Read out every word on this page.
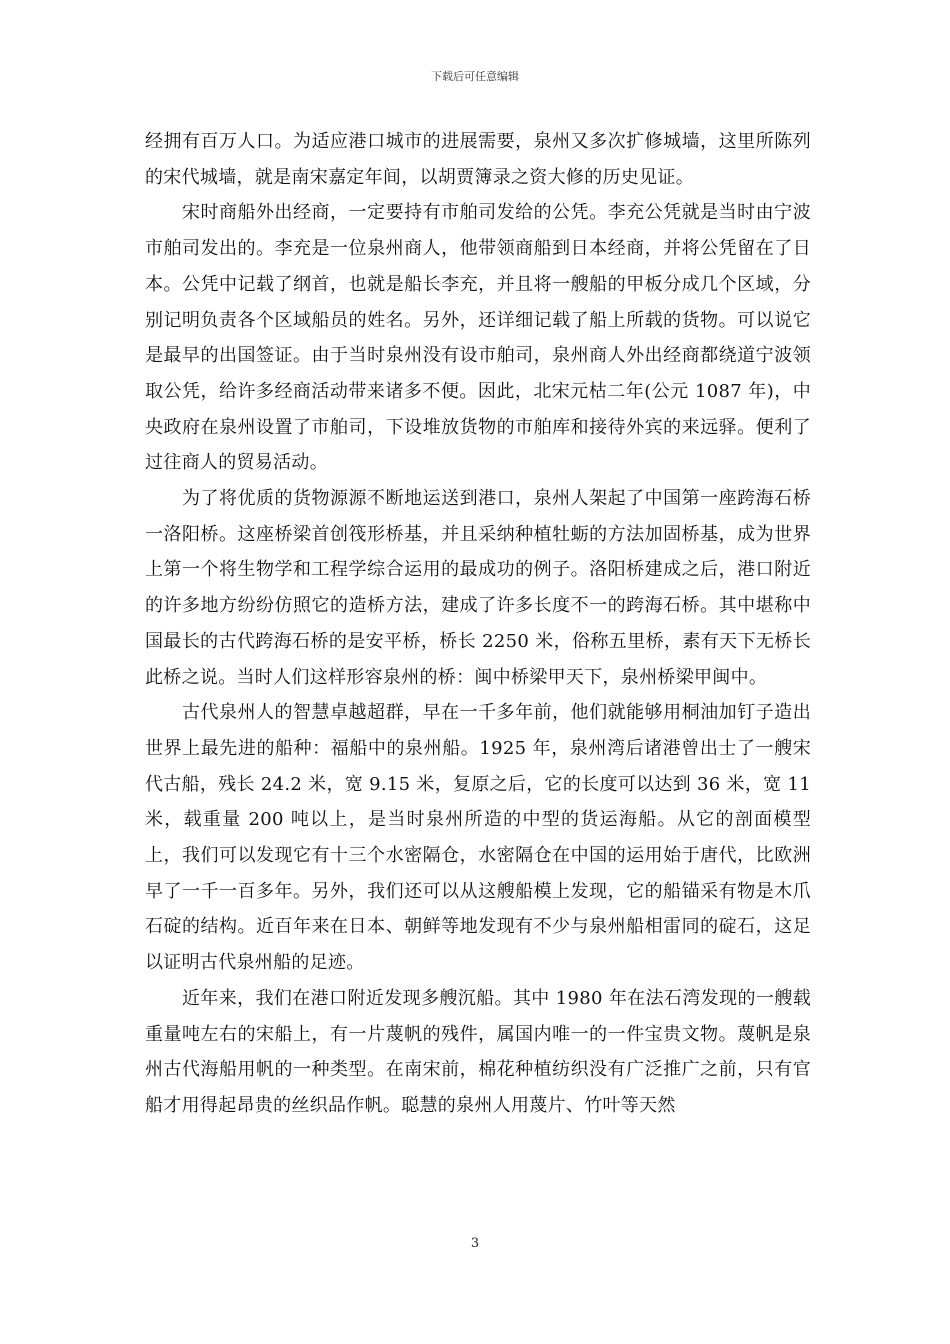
下载后可任意编辑

经拥有百万人口。为适应港口城市的进展需要，泉州又多次扩修城墙，这里所陈列的宋代城墙，就是南宋嘉定年间，以胡贾簿录之资大修的历史见证。

宋时商船外出经商，一定要持有市舶司发给的公凭。李充公凭就是当时由宁波市舶司发出的。李充是一位泉州商人，他带领商船到日本经商，并将公凭留在了日本。公凭中记载了纲首，也就是船长李充，并且将一艘船的甲板分成几个区域，分别记明负责各个区域船员的姓名。另外，还详细记载了船上所载的货物。可以说它是最早的出国签证。由于当时泉州没有设市舶司，泉州商人外出经商都绕道宁波领取公凭，给许多经商活动带来诸多不便。因此，北宋元枯二年(公元 1087 年)，中央政府在泉州设置了市舶司，下设堆放货物的市舶库和接待外宾的来远驿。便利了过往商人的贸易活动。

为了将优质的货物源源不断地运送到港口，泉州人架起了中国第一座跨海石桥一洛阳桥。这座桥梁首创筏形桥基，并且采纳种植牡蛎的方法加固桥基，成为世界上第一个将生物学和工程学综合运用的最成功的例子。洛阳桥建成之后，港口附近的许多地方纷纷仿照它的造桥方法，建成了许多长度不一的跨海石桥。其中堪称中国最长的古代跨海石桥的是安平桥，桥长 2250 米，俗称五里桥，素有天下无桥长此桥之说。当时人们这样形容泉州的桥：闽中桥梁甲天下，泉州桥梁甲闽中。

古代泉州人的智慧卓越超群，早在一千多年前，他们就能够用桐油加钉子造出世界上最先进的船种：福船中的泉州船。1925 年，泉州湾后诸港曾出士了一艘宋代古船，残长 24.2 米，宽 9.15 米，复原之后，它的长度可以达到 36 米，宽 11 米，载重量 200 吨以上，是当时泉州所造的中型的货运海船。从它的剖面模型上，我们可以发现它有十三个水密隔仓，水密隔仓在中国的运用始于唐代，比欧洲早了一千一百多年。另外，我们还可以从这艘船模上发现，它的船锚采有物是木爪石碇的结构。近百年来在日本、朝鲜等地发现有不少与泉州船相雷同的碇石，这足以证明古代泉州船的足迹。

近年来，我们在港口附近发现多艘沉船。其中 1980 年在法石湾发现的一艘载重量吨左右的宋船上，有一片蔑帆的残件，属国内唯一的一件宝贵文物。蔑帆是泉州古代海船用帆的一种类型。在南宋前，棉花种植纺织没有广泛推广之前，只有官船才用得起昂贵的丝织品作帆。聪慧的泉州人用蔑片、竹叶等天然

3
